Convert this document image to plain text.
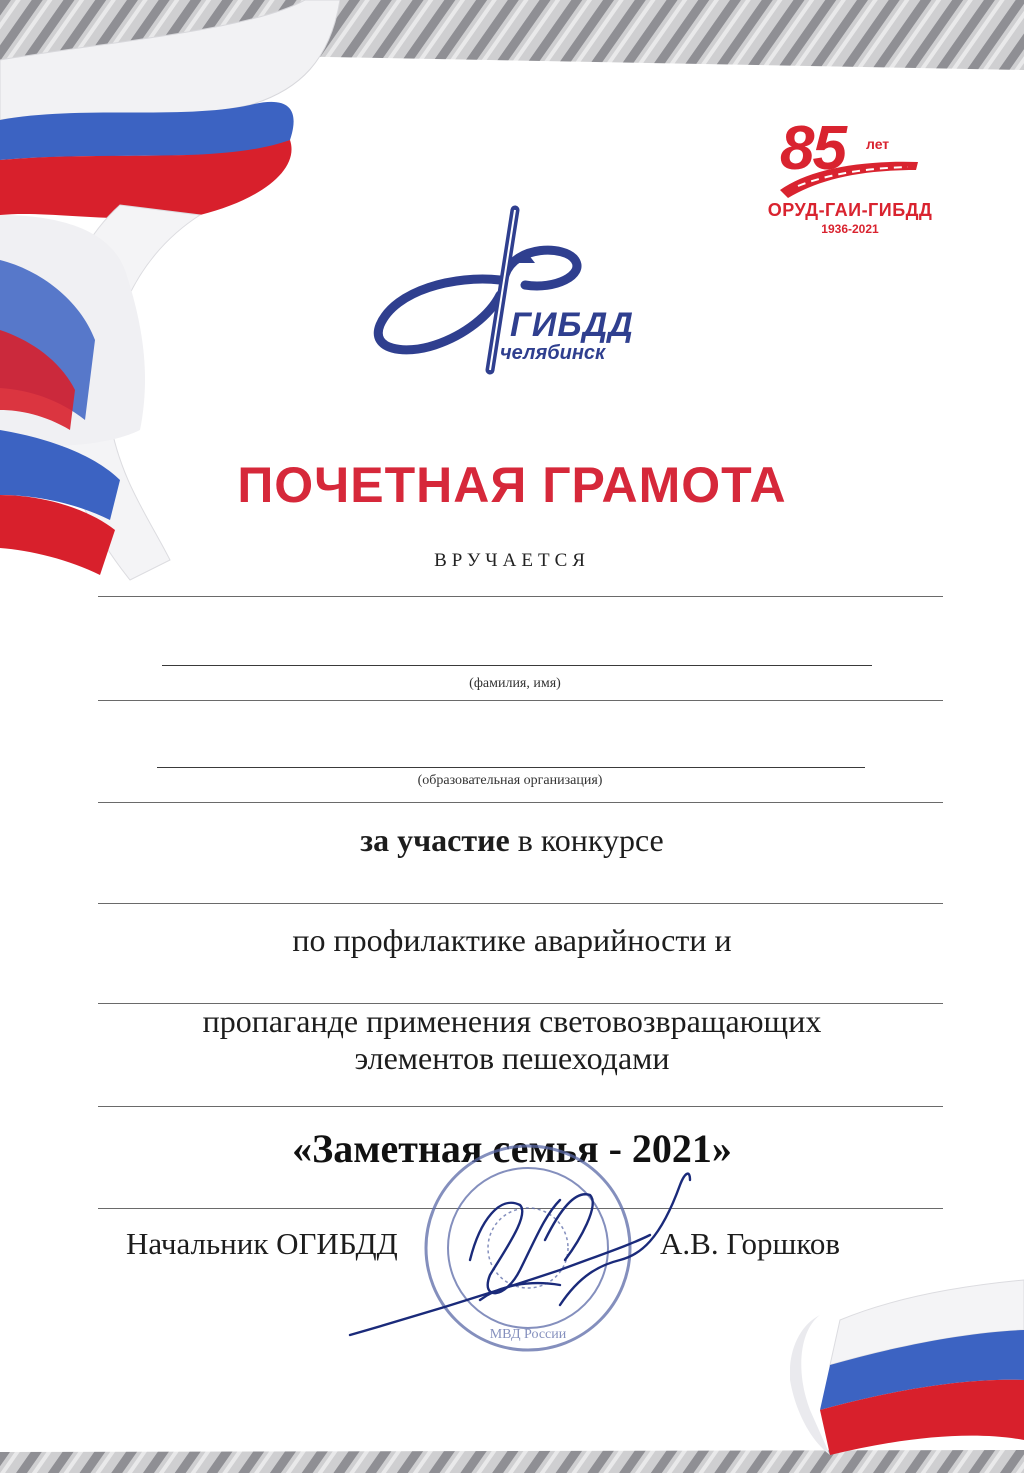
85 лет
ОРУД-ГАИ-ГИБДД
1936-2021
ГИБДД
челябинск
ПОЧЕТНАЯ ГРАМОТА
ВРУЧАЕТСЯ
(фамилия, имя)
(образовательная организация)
за участие в конкурсе
по профилактике аварийности и
пропаганде применения световозвращающих
элементов пешеходами
«Заметная семья - 2021»
Начальник ОГИБДД	А.В. Горшков
МВД России
